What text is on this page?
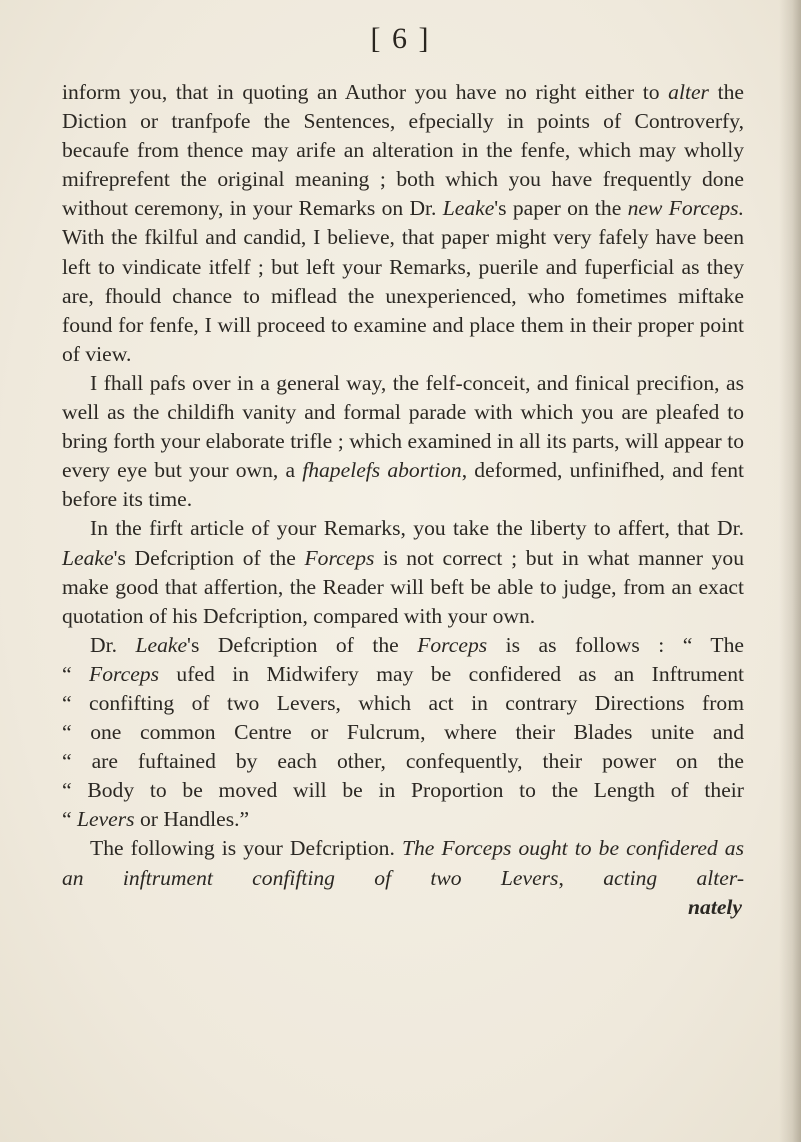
[ 6 ]

inform you, that in quoting an Author you have no right either to alter the Diction or tranfpofe the Sentences, efpecially in points of Controverfy, becaufe from thence may arife an alteration in the fenfe, which may wholly mifreprefent the original meaning ; both which you have frequently done without ceremony, in your Remarks on Dr. Leake's paper on the new Forceps. With the fkilful and candid, I believe, that paper might very fafely have been left to vindicate itfelf ; but left your Remarks, puerile and fuperficial as they are, fhould chance to miflead the unexperienced, who fometimes miftake found for fenfe, I will proceed to examine and place them in their proper point of view.

I fhall pafs over in a general way, the felf-conceit, and finical precifion, as well as the childifh vanity and formal parade with which you are pleafed to bring forth your elaborate trifle ; which examined in all its parts, will appear to every eye but your own, a fhapelefs abortion, deformed, unfinifhed, and fent before its time.

In the firft article of your Remarks, you take the liberty to affert, that Dr. Leake's Defcription of the Forceps is not correct ; but in what manner you make good that affertion, the Reader will beft be able to judge, from an exact quotation of his Defcription, compared with your own.

Dr. Leake's Defcription of the Forceps is as follows : “ The

“ Forceps ufed in Midwifery may be confidered as an Inftrument
“ confifting of two Levers, which act in contrary Directions from
“ one common Centre or Fulcrum, where their Blades unite and
“ are fuftained by each other, confequently, their power on the
“ Body to be moved will be in Proportion to the Length of their
“ Levers or Handles.”

The following is your Defcription. The Forceps ought to be confidered as an inftrument confifting of two Levers, acting alter-

nately
